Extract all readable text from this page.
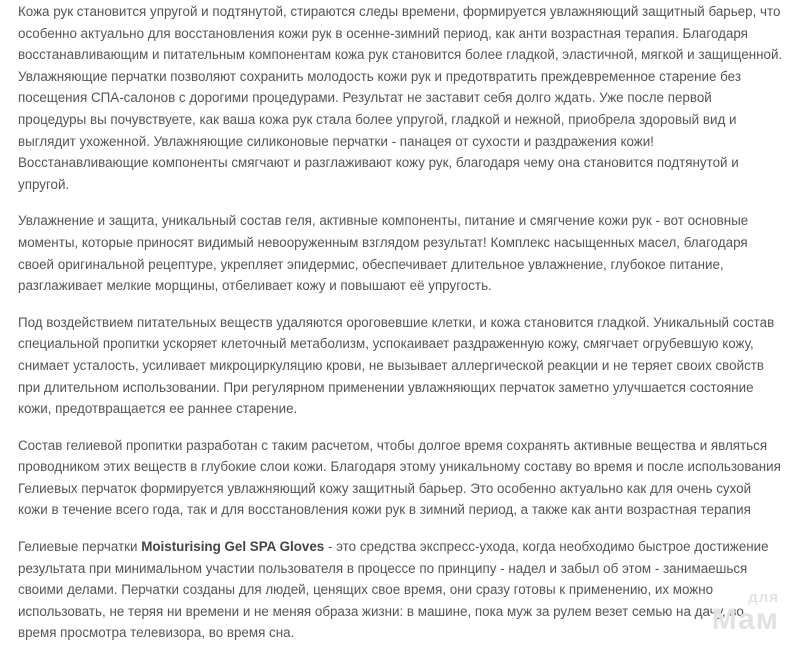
Кожа рук становится упругой и подтянутой, стираются следы времени, формируется увлажняющий защитный барьер, что особенно актуально для восстановления кожи рук в осенне-зимний период, как анти возрастная терапия. Благодаря восстанавливающим и питательным компонентам кожа рук становится более гладкой, эластичной, мягкой и защищенной. Увлажняющие перчатки позволяют сохранить молодость кожи рук и предотвратить преждевременное старение без посещения СПА-салонов с дорогими процедурами. Результат не заставит себя долго ждать. Уже после первой процедуры вы почувствуете, как ваша кожа рук стала более упругой, гладкой и нежной, приобрела здоровый вид и выглядит ухоженной. Увлажняющие силиконовые перчатки - панацея от сухости и раздражения кожи! Восстанавливающие компоненты смягчают и разглаживают кожу рук, благодаря чему она становится подтянутой и упругой.

Увлажнение и защита, уникальный состав геля, активные компоненты, питание и смягчение кожи рук - вот основные моменты, которые приносят видимый невооруженным взглядом результат! Комплекс насыщенных масел, благодаря своей оригинальной рецептуре, укрепляет эпидермис, обеспечивает длительное увлажнение, глубокое питание, разглаживает мелкие морщины, отбеливает кожу и повышают её упругость.

Под воздействием питательных веществ удаляются ороговевшие клетки, и кожа становится гладкой. Уникальный состав специальной пропитки ускоряет клеточный метаболизм, успокаивает раздраженную кожу, смягчает огрубевшую кожу, снимает усталость, усиливает микроциркуляцию крови, не вызывает аллергической реакции и не теряет своих свойств при длительном использовании. При регулярном применении увлажняющих перчаток заметно улучшается состояние кожи, предотвращается ее раннее старение.

Состав гелиевой пропитки разработан с таким расчетом, чтобы долгое время сохранять активные вещества и являться проводником этих веществ в глубокие слои кожи. Благодаря этому уникальному составу во время и после использования Гелиевых перчаток формируется увлажняющий кожу защитный барьер. Это особенно актуально как для очень сухой кожи в течение всего года, так и для восстановления кожи рук в зимний период, а также как анти возрастная терапия

Гелиевые перчатки Moisturising Gel SPA Gloves - это средства экспресс-ухода, когда необходимо быстрое достижение результата при минимальном участии пользователя в процессе по принципу - надел и забыл об этом - занимаешься своими делами. Перчатки созданы для людей, ценящих свое время, они сразу готовы к применению, их можно использовать, не теряя ни времени и не меняя образа жизни: в машине, пока муж за рулем везет семью на дачу, во время просмотра телевизора, во время сна.

для
Мам
